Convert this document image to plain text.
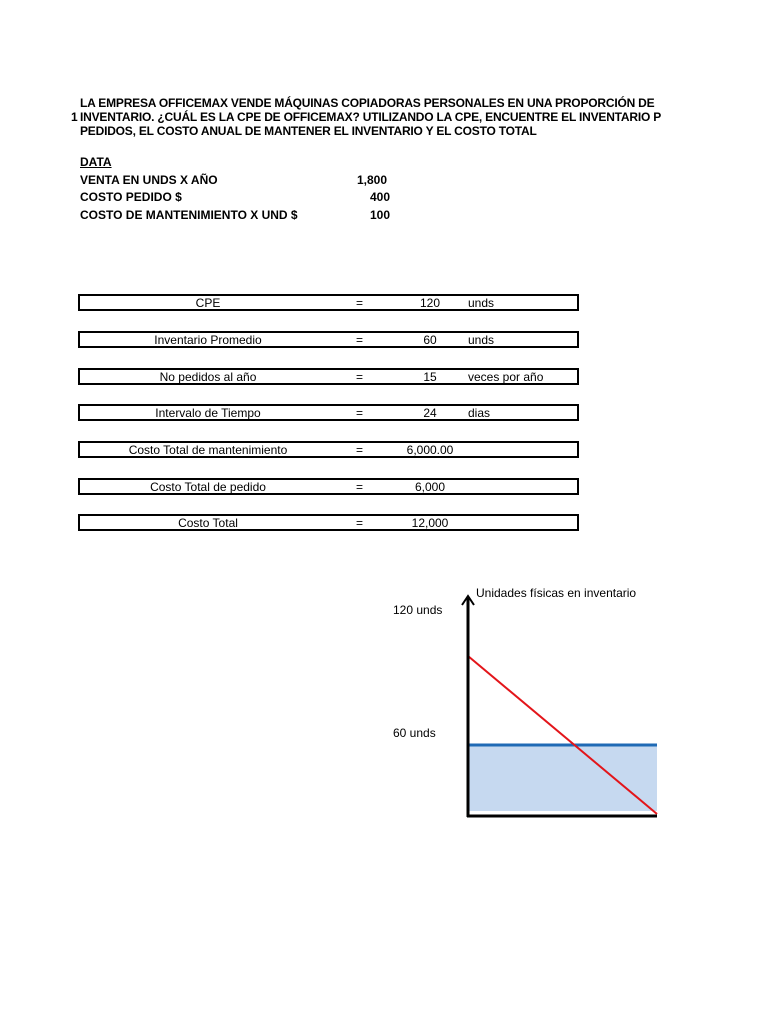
1
LA EMPRESA OFFICEMAX VENDE MÁQUINAS COPIADORAS PERSONALES EN UNA PROPORCIÓN DE
INVENTARIO. ¿CUÁL ES LA CPE DE OFFICEMAX? UTILIZANDO LA CPE, ENCUENTRE EL INVENTARIO P
PEDIDOS, EL COSTO ANUAL DE MANTENER EL INVENTARIO Y EL COSTO TOTAL
DATA
VENTA EN UNDS X AÑO	1,800
COSTO PEDIDO $	400
COSTO DE MANTENIMIENTO X UND $	100
CPE	=	120	unds
Inventario Promedio	=	60	unds
No pedidos al año	=	15	veces por año
Intervalo de Tiempo	=	24	dias
Costo Total de mantenimiento	=	6,000.00
Costo Total de pedido	=	6,000
Costo Total	=	12,000
Unidades físicas en inventario
120 unds
60 unds
